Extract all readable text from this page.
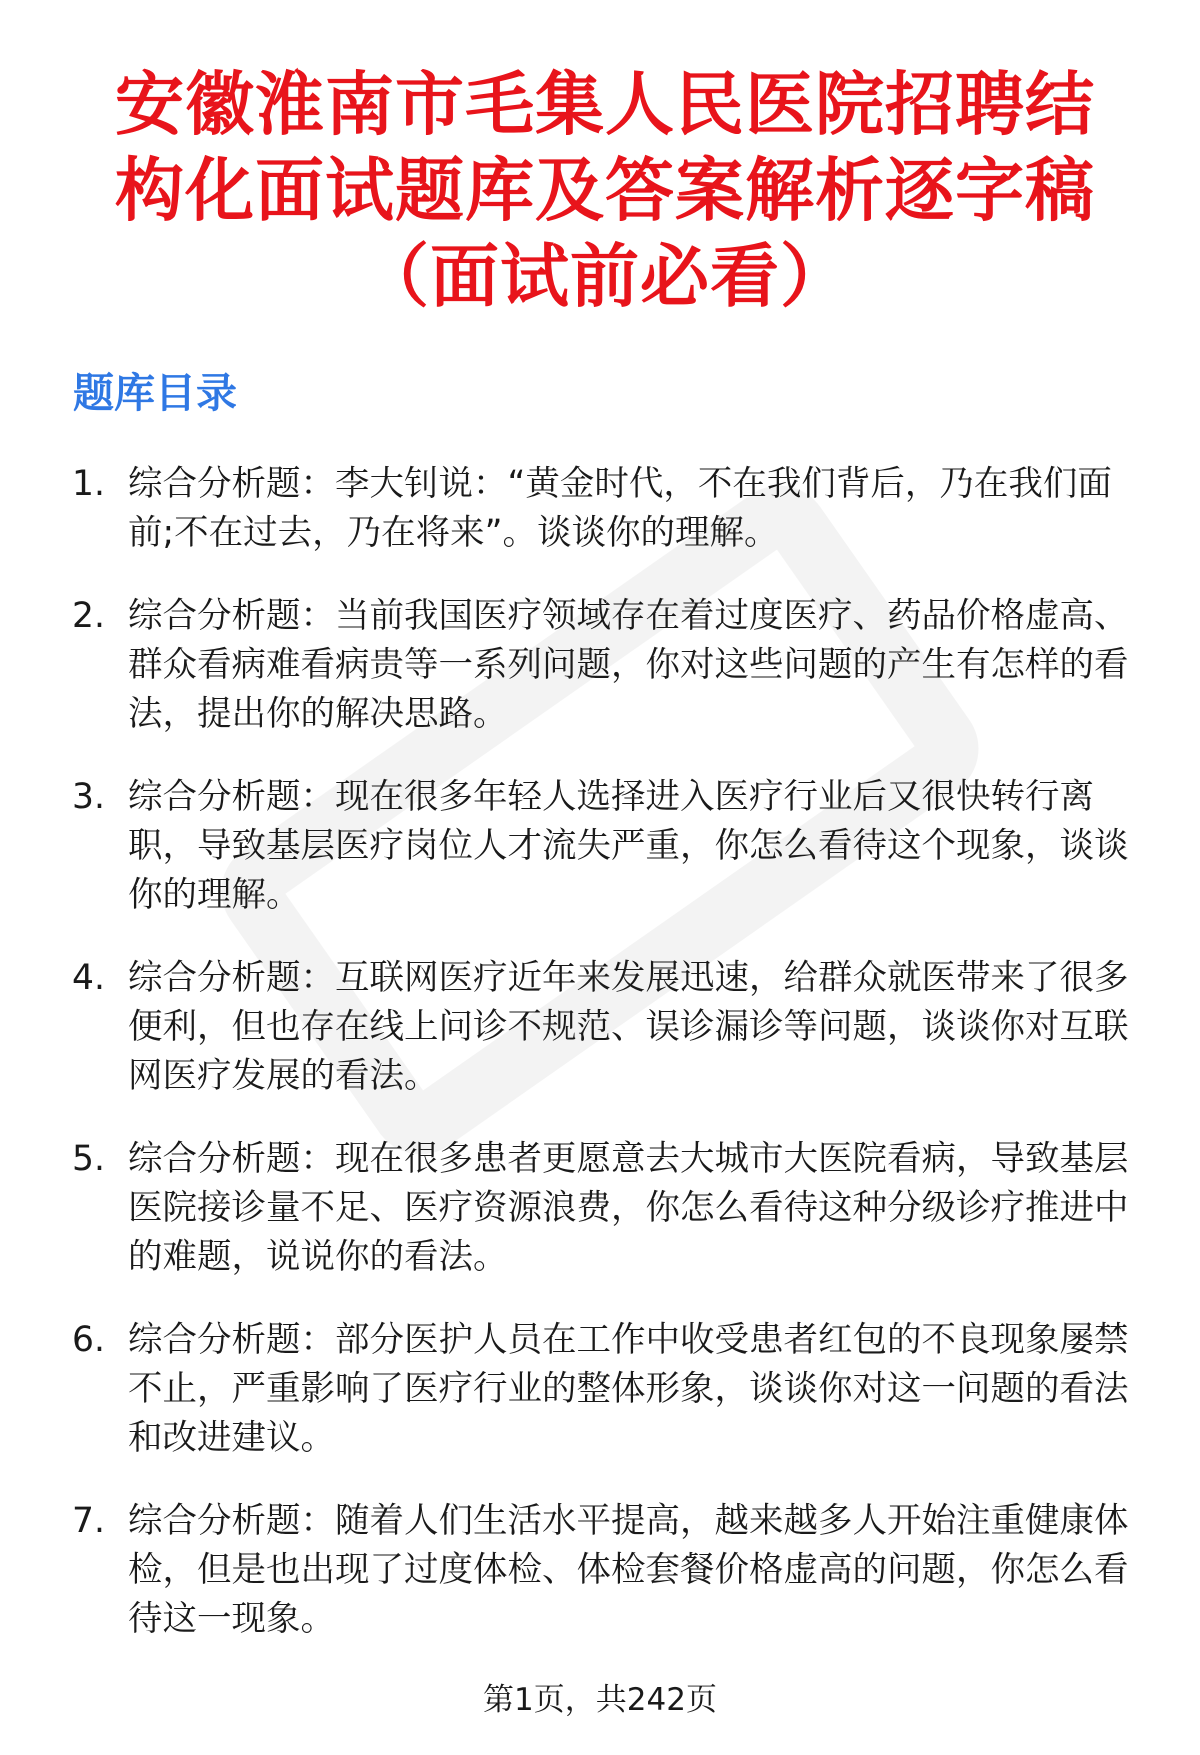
安徽淮南市毛集人民医院招聘结构化面试题库及答案解析逐字稿（面试前必看）
题库目录
1. 综合分析题：李大钊说：“黄金时代，不在我们背后，乃在我们面前;不在过去，乃在将来”。谈谈你的理解。
2. 综合分析题：当前我国医疗领域存在着过度医疗、药品价格虚高、群众看病难看病贵等一系列问题，你对这些问题的产生有怎样的看法，提出你的解决思路。
3. 综合分析题：现在很多年轻人选择进入医疗行业后又很快转行离职，导致基层医疗岗位人才流失严重，你怎么看待这个现象，谈谈你的理解。
4. 综合分析题：互联网医疗近年来发展迅速，给群众就医带来了很多便利，但也存在线上问诊不规范、误诊漏诊等问题，谈谈你对互联网医疗发展的看法。
5. 综合分析题：现在很多患者更愿意去大城市大医院看病，导致基层医院接诊量不足、医疗资源浪费，你怎么看待这种分级诊疗推进中的难题，说说你的看法。
6. 综合分析题：部分医护人员在工作中收受患者红包的不良现象屡禁不止，严重影响了医疗行业的整体形象，谈谈你对这一问题的看法和改进建议。
7. 综合分析题：随着人们生活水平提高，越来越多人开始注重健康体检，但是也出现了过度体检、体检套餐价格虚高的问题，你怎么看待这一现象。
第1页，共242页
